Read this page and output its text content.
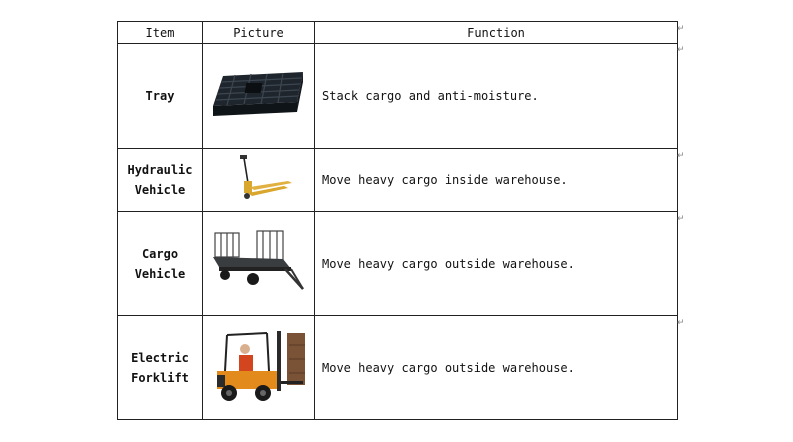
Item	Picture	Function

Tray		Stack cargo and anti-moisture.

Hydraulic
Vehicle		Move heavy cargo inside warehouse.

Cargo
Vehicle		Move heavy cargo outside warehouse.

Electric
Forklift		Move heavy cargo outside warehouse.
↵
↵
↵
↵
↵
